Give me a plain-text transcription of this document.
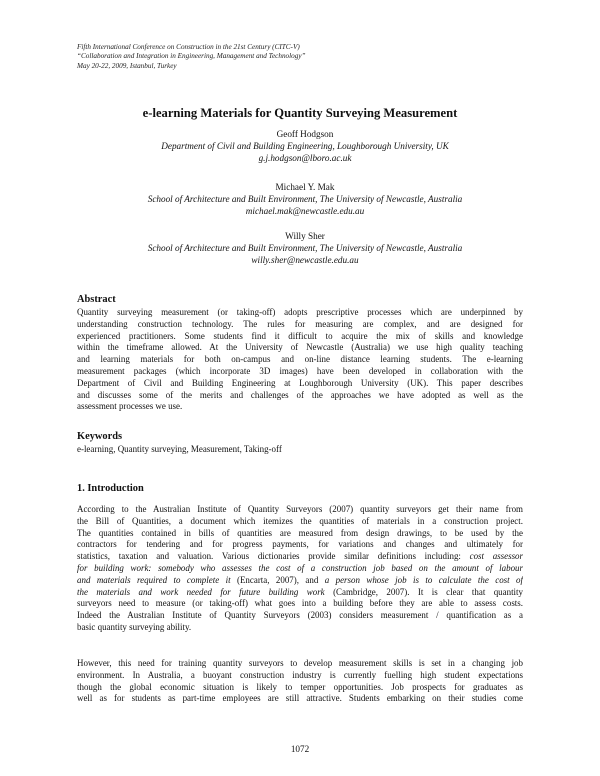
Fifth International Conference on Construction in the 21st Century (CITC-V)
“Collaboration and Integration in Engineering, Management and Technology”
May 20-22, 2009, Istanbul, Turkey
e-learning Materials for Quantity Surveying Measurement
Geoff Hodgson
Department of Civil and Building Engineering, Loughborough University, UK
g.j.hodgson@lboro.ac.uk
Michael Y. Mak
School of Architecture and Built Environment, The University of Newcastle, Australia
michael.mak@newcastle.edu.au
Willy Sher
School of Architecture and Built Environment, The University of Newcastle, Australia
willy.sher@newcastle.edu.au
Abstract
Quantity surveying measurement (or taking-off) adopts prescriptive processes which are underpinned by
understanding construction technology. The rules for measuring are complex, and are designed for
experienced practitioners. Some students find it difficult to acquire the mix of skills and knowledge
within the timeframe allowed. At the University of Newcastle (Australia) we use high quality teaching
and learning materials for both on-campus and on-line distance learning students. The e-learning
measurement packages (which incorporate 3D images) have been developed in collaboration with the
Department of Civil and Building Engineering at Loughborough University (UK). This paper describes
and discusses some of the merits and challenges of the approaches we have adopted as well as the
assessment processes we use.
Keywords
e-learning, Quantity surveying, Measurement, Taking-off
1. Introduction
According to the Australian Institute of Quantity Surveyors (2007) quantity surveyors get their name from
the Bill of Quantities, a document which itemizes the quantities of materials in a construction project.
The quantities contained in bills of quantities are measured from design drawings, to be used by the
contractors for tendering and for progress payments, for variations and changes and ultimately for
statistics, taxation and valuation. Various dictionaries provide similar definitions including: cost assessor
for building work: somebody who assesses the cost of a construction job based on the amount of labour
and materials required to complete it (Encarta, 2007), and a person whose job is to calculate the cost of
the materials and work needed for future building work (Cambridge, 2007). It is clear that quantity
surveyors need to measure (or taking-off) what goes into a building before they are able to assess costs.
Indeed the Australian Institute of Quantity Surveyors (2003) considers measurement / quantification as a
basic quantity surveying ability.
However, this need for training quantity surveyors to develop measurement skills is set in a changing job
environment. In Australia, a buoyant construction industry is currently fuelling high student expectations
though the global economic situation is likely to temper opportunities. Job prospects for graduates as
well as for students as part-time employees are still attractive. Students embarking on their studies come
1072
